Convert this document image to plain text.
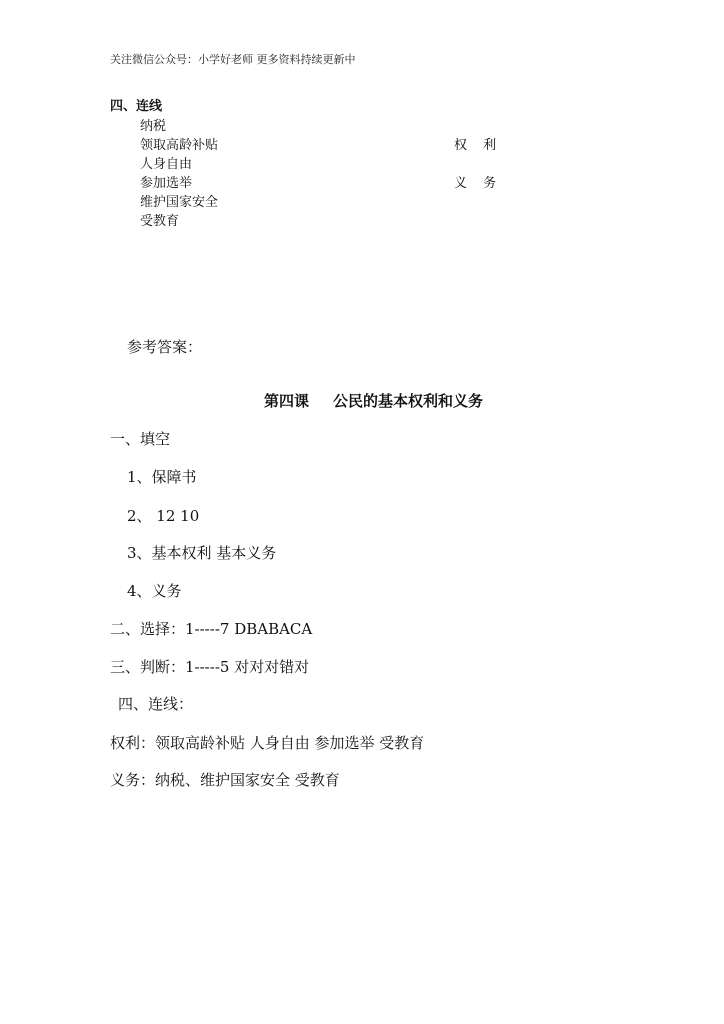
关注微信公众号：小学好老师 更多资料持续更新中
四、连线
纳税
领取高龄补贴
人身自由
参加选举
维护国家安全
受教育
权 利
义 务
参考答案：
第四课 公民的基本权利和义务
一、填空
1、保障书
2、 12 10
3、基本权利 基本义务
4、义务
二、选择：1-----7 DBABACA
三、判断：1-----5 对对对错对
四、连线：
权利：领取高龄补贴 人身自由 参加选举 受教育
义务：纳税、维护国家安全 受教育
